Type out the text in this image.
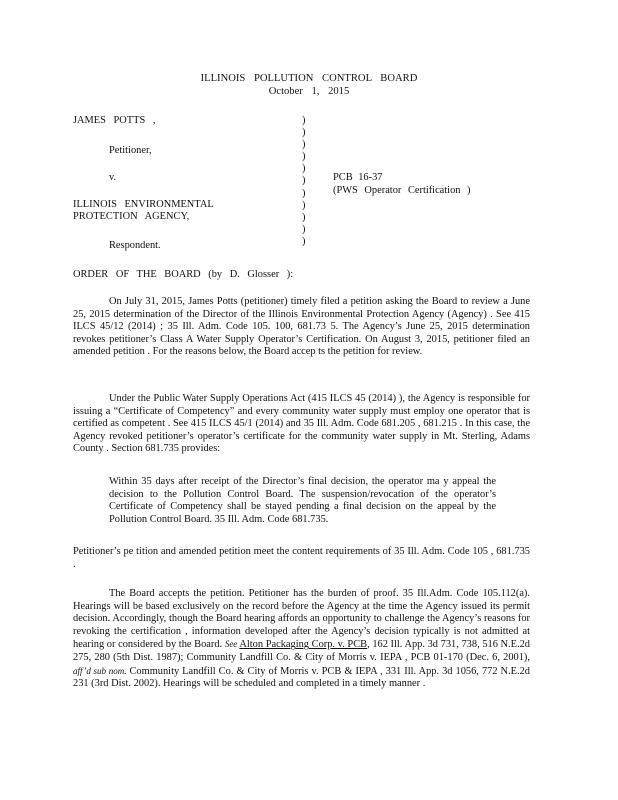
ILLINOIS POLLUTION CONTROL BOARD
October 1, 2015
JAMES POTTS ,
Petitioner,
v.
ILLINOIS ENVIRONMENTAL
PROTECTION AGENCY,
Respondent.
)
)
)
)
)
)
)
)
)
)
)
PCB 16-37
(PWS Operator Certification )
ORDER OF THE BOARD (by D. Glosser ):
On July 31, 2015, James Potts (petitioner) timely filed a petition asking the Board to review a June 25, 2015 determination of the Director of the Illinois Environmental Protection Agency (Agency) . See 415 ILCS 45/12 (2014) ; 35 Ill. Adm. Code 105. 100, 681.73 5. The Agency’s June 25, 2015 determination revokes petitioner’s Class A Water Supply Operator’s Certification. On August 3, 2015, petitioner filed an amended petition . For the reasons below, the Board accep ts the petition for review.
Under the Public Water Supply Operations Act (415 ILCS 45 (2014) ), the Agency is responsible for issuing a “Certificate of Competency” and every community water supply must employ one operator that is certified as competent . See 415 ILCS 45/1 (2014) and 35 Ill. Adm. Code 681.205 , 681.215 . In this case, the Agency revoked petitioner’s operator’s certificate for the community water supply in Mt. Sterling, Adams County . Section 681.735 provides:
Within 35 days after receipt of the Director’s final decision, the operator ma y appeal the decision to the Pollution Control Board. The suspension/revocation of the operator’s Certificate of Competency shall be stayed pending a final decision on the appeal by the Pollution Control Board. 35 Ill. Adm. Code 681.735.
Petitioner’s pe tition and amended petition meet the content requirements of 35 Ill. Adm. Code 105 , 681.735 .
The Board accepts the petition. Petitioner has the burden of proof. 35 Ill.Adm. Code 105.112(a). Hearings will be based exclusively on the record before the Agency at the time the Agency issued its permit decision. Accordingly, though the Board hearing affords an opportunity to challenge the Agency’s reasons for revoking the certification , information developed after the Agency’s decision typically is not admitted at hearing or considered by the Board. See Alton Packaging Corp. v. PCB, 162 Ill. App. 3d 731, 738, 516 N.E.2d 275, 280 (5th Dist. 1987); Community Landfill Co. & City of Morris v. IEPA , PCB 01-170 (Dec. 6, 2001), aff’d sub nom. Community Landfill Co. & City of Morris v. PCB & IEPA , 331 Ill. App. 3d 1056, 772 N.E.2d 231 (3rd Dist. 2002). Hearings will be scheduled and completed in a timely manner .
